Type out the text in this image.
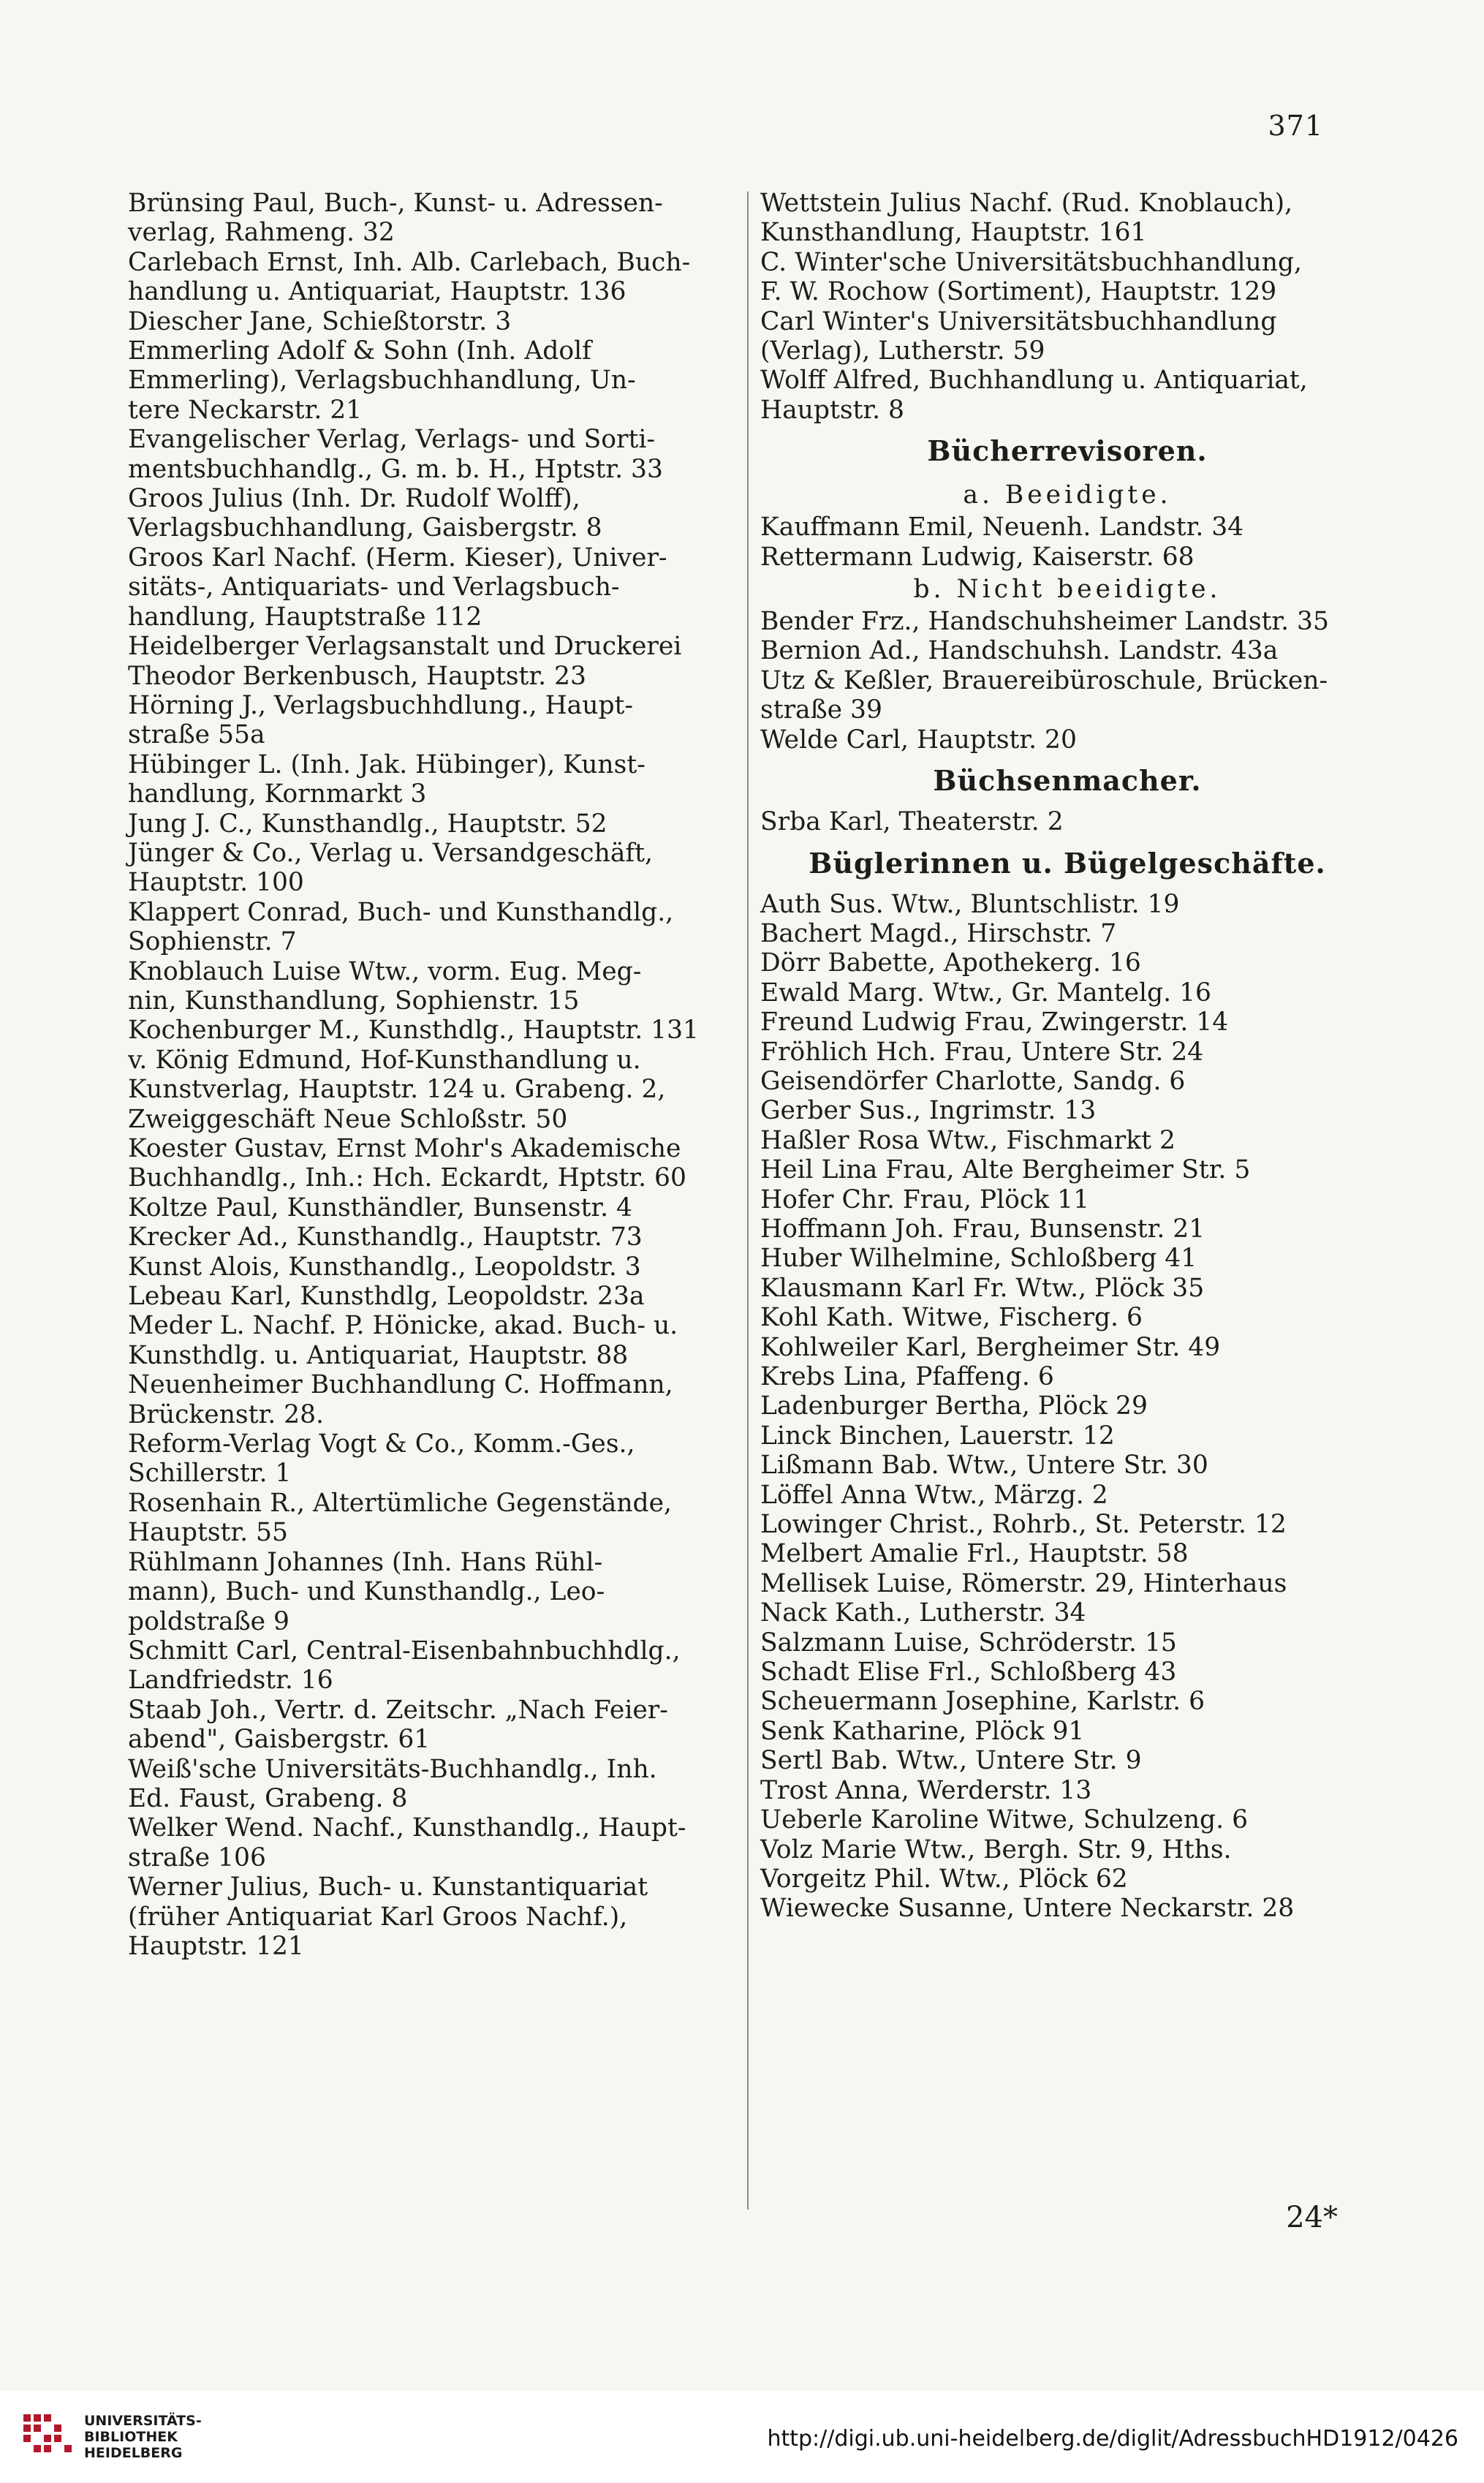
371
Brünsing Paul, Buch-, Kunst- u. Adressen-
verlag, Rahmeng. 32
Carlebach Ernst, Inh. Alb. Carlebach, Buch-
handlung u. Antiquariat, Hauptstr. 136
Diescher Jane, Schießtorstr. 3
Emmerling Adolf & Sohn (Inh. Adolf
Emmerling), Verlagsbuchhandlung, Un-
tere Neckarstr. 21
Evangelischer Verlag, Verlags- und Sorti-
mentsbuchhandlg., G. m. b. H., Hptstr. 33
Groos Julius (Inh. Dr. Rudolf Wolff),
Verlagsbuchhandlung, Gaisbergstr. 8
Groos Karl Nachf. (Herm. Kieser), Univer-
sitäts-, Antiquariats- und Verlagsbuch-
handlung, Hauptstraße 112
Heidelberger Verlagsanstalt und Druckerei
Theodor Berkenbusch, Hauptstr. 23
Hörning J., Verlagsbuchhdlung., Haupt-
straße 55a
Hübinger L. (Inh. Jak. Hübinger), Kunst-
handlung, Kornmarkt 3
Jung J. C., Kunsthandlg., Hauptstr. 52
Jünger & Co., Verlag u. Versandgeschäft,
Hauptstr. 100
Klappert Conrad, Buch- und Kunsthandlg.,
Sophienstr. 7
Knoblauch Luise Wtw., vorm. Eug. Meg-
nin, Kunsthandlung, Sophienstr. 15
Kochenburger M., Kunsthdlg., Hauptstr. 131
v. König Edmund, Hof-Kunsthandlung u.
Kunstverlag, Hauptstr. 124 u. Grabeng. 2,
Zweiggeschäft Neue Schloßstr. 50
Koester Gustav, Ernst Mohr's Akademische
Buchhandlg., Inh.: Hch. Eckardt, Hptstr. 60
Koltze Paul, Kunsthändler, Bunsenstr. 4
Krecker Ad., Kunsthandlg., Hauptstr. 73
Kunst Alois, Kunsthandlg., Leopoldstr. 3
Lebeau Karl, Kunsthdlg, Leopoldstr. 23a
Meder L. Nachf. P. Hönicke, akad. Buch- u.
Kunsthdlg. u. Antiquariat, Hauptstr. 88
Neuenheimer Buchhandlung C. Hoffmann,
Brückenstr. 28.
Reform-Verlag Vogt & Co., Komm.-Ges.,
Schillerstr. 1
Rosenhain R., Altertümliche Gegenstände,
Hauptstr. 55
Rühlmann Johannes (Inh. Hans Rühl-
mann), Buch- und Kunsthandlg., Leo-
poldstraße 9
Schmitt Carl, Central-Eisenbahnbuchhdlg.,
Landfriedstr. 16
Staab Joh., Vertr. d. Zeitschr. „Nach Feier-
abend", Gaisbergstr. 61
Weiß'sche Universitäts-Buchhandlg., Inh.
Ed. Faust, Grabeng. 8
Welker Wend. Nachf., Kunsthandlg., Haupt-
straße 106
Werner Julius, Buch- u. Kunstantiquariat
(früher Antiquariat Karl Groos Nachf.),
Hauptstr. 121
Wettstein Julius Nachf. (Rud. Knoblauch),
Kunsthandlung, Hauptstr. 161
C. Winter'sche Universitätsbuchhandlung,
F. W. Rochow (Sortiment), Hauptstr. 129
Carl Winter's Universitätsbuchhandlung
(Verlag), Lutherstr. 59
Wolff Alfred, Buchhandlung u. Antiquariat,
Hauptstr. 8
Bücherrevisoren.
a. Beeidigte.
Kauffmann Emil, Neuenh. Landstr. 34
Rettermann Ludwig, Kaiserstr. 68
b. Nicht beeidigte.
Bender Frz., Handschuhsheimer Landstr. 35
Bernion Ad., Handschuhsh. Landstr. 43a
Utz & Keßler, Brauereibüroschule, Brücken-
straße 39
Welde Carl, Hauptstr. 20
Büchsenmacher.
Srba Karl, Theaterstr. 2
Büglerinnen u. Bügelgeschäfte.
Auth Sus. Wtw., Bluntschlistr. 19
Bachert Magd., Hirschstr. 7
Dörr Babette, Apothekerg. 16
Ewald Marg. Wtw., Gr. Mantelg. 16
Freund Ludwig Frau, Zwingerstr. 14
Fröhlich Hch. Frau, Untere Str. 24
Geisendörfer Charlotte, Sandg. 6
Gerber Sus., Ingrimstr. 13
Haßler Rosa Wtw., Fischmarkt 2
Heil Lina Frau, Alte Bergheimer Str. 5
Hofer Chr. Frau, Plöck 11
Hoffmann Joh. Frau, Bunsenstr. 21
Huber Wilhelmine, Schloßberg 41
Klausmann Karl Fr. Wtw., Plöck 35
Kohl Kath. Witwe, Fischerg. 6
Kohlweiler Karl, Bergheimer Str. 49
Krebs Lina, Pfaffeng. 6
Ladenburger Bertha, Plöck 29
Linck Binchen, Lauerstr. 12
Lißmann Bab. Wtw., Untere Str. 30
Löffel Anna Wtw., Märzg. 2
Lowinger Christ., Rohrb., St. Peterstr. 12
Melbert Amalie Frl., Hauptstr. 58
Mellisek Luise, Römerstr. 29, Hinterhaus
Nack Kath., Lutherstr. 34
Salzmann Luise, Schröderstr. 15
Schadt Elise Frl., Schloßberg 43
Scheuermann Josephine, Karlstr. 6
Senk Katharine, Plöck 91
Sertl Bab. Wtw., Untere Str. 9
Trost Anna, Werderstr. 13
Ueberle Karoline Witwe, Schulzeng. 6
Volz Marie Wtw., Bergh. Str. 9, Hths.
Vorgeitz Phil. Wtw., Plöck 62
Wiewecke Susanne, Untere Neckarstr. 28
24*
UNIVERSITÄTS-
BIBLIOTHEK
HEIDELBERG
http://digi.ub.uni-heidelberg.de/diglit/AdressbuchHD1912/0426
